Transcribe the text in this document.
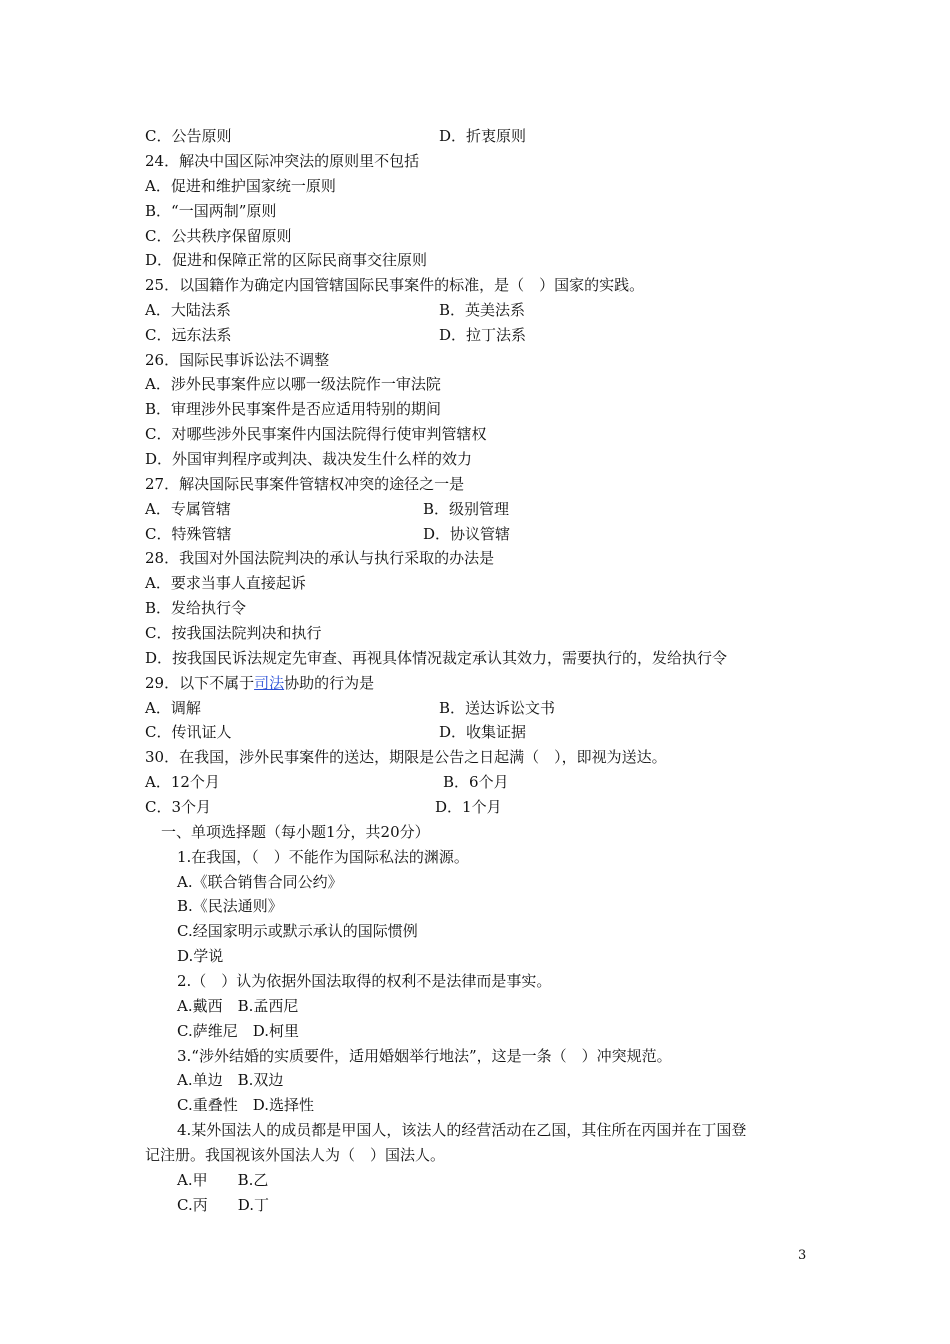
C．公告原则	D．折衷原则
24．解决中国区际冲突法的原则里不包括
A．促进和维护国家统一原则
B．“一国两制”原则
C．公共秩序保留原则
D．促进和保障正常的区际民商事交往原则
25．以国籍作为确定内国管辖国际民事案件的标准，是（　）国家的实践。
A．大陆法系	B．英美法系
C．远东法系	D．拉丁法系
26．国际民事诉讼法不调整
A．涉外民事案件应以哪一级法院作一审法院
B．审理涉外民事案件是否应适用特别的期间
C．对哪些涉外民事案件内国法院得行使审判管辖权
D．外国审判程序或判决、裁决发生什么样的效力
27．解决国际民事案件管辖权冲突的途径之一是
A．专属管辖	B．级别管理
C．特殊管辖	D．协议管辖
28．我国对外国法院判决的承认与执行采取的办法是
A．要求当事人直接起诉
B．发给执行令
C．按我国法院判决和执行
D．按我国民诉法规定先审查、再视具体情况裁定承认其效力，需要执行的，发给执行令
29．以下不属于司法协助的行为是
A．调解	B．送达诉讼文书
C．传讯证人	D．收集证据
30．在我国，涉外民事案件的送达，期限是公告之日起满（　），即视为送达。
A．12个月	B．6个月
C．3个月	D．1个月
一、单项选择题（每小题1分，共20分）
1.在我国，（　）不能作为国际私法的渊源。
A.《联合销售合同公约》
B.《民法通则》
C.经国家明示或默示承认的国际惯例
D.学说
2.（　）认为依据外国法取得的权利不是法律而是事实。
A.戴西　B.孟西尼
C.萨维尼　D.柯里
3.“涉外结婚的实质要件，适用婚姻举行地法”，这是一条（　）冲突规范。
A.单边　B.双边
C.重叠性　D.选择性
4.某外国法人的成员都是甲国人，该法人的经营活动在乙国，其住所在丙国并在丁国登
记注册。我国视该外国法人为（　）国法人。
A.甲　　B.乙
C.丙　　D.丁
3
